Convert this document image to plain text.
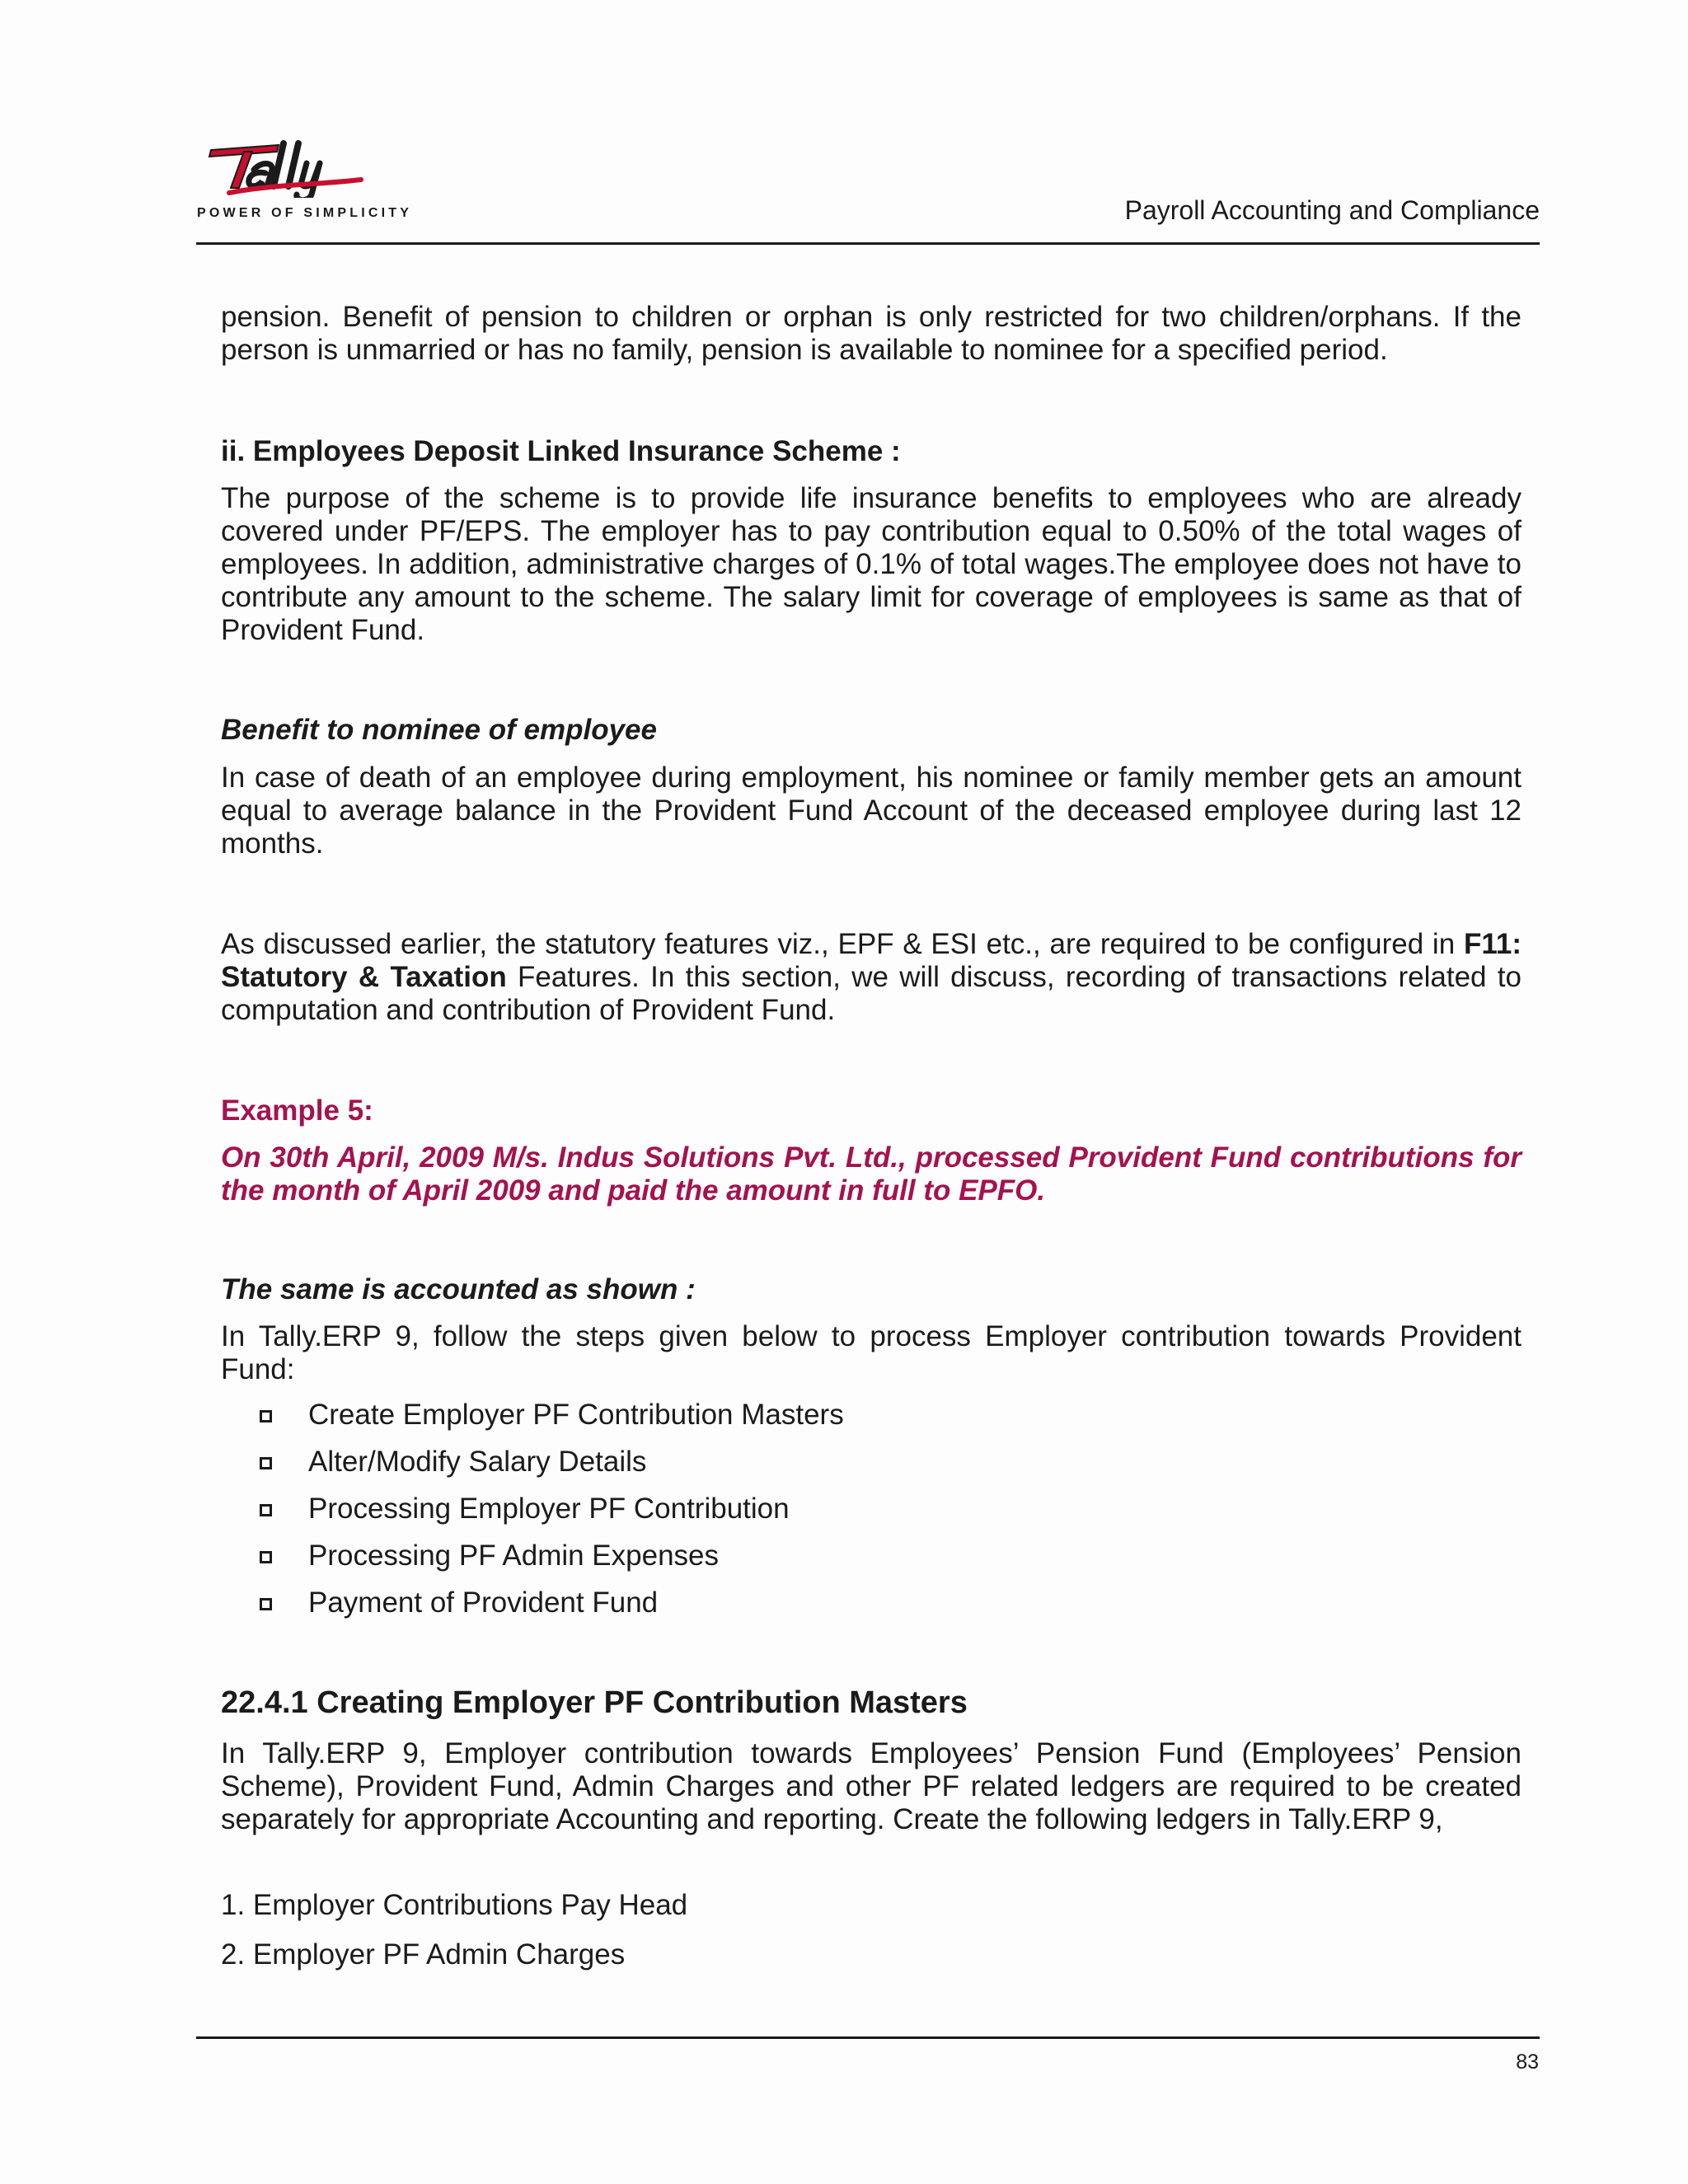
POWER OF SIMPLICITY	Payroll Accounting and Compliance

pension. Benefit of pension to children or orphan is only restricted for two children/orphans. If the person is unmarried or has no family, pension is available to nominee for a specified period.

ii. Employees Deposit Linked Insurance Scheme :

The purpose of the scheme is to provide life insurance benefits to employees who are already covered under PF/EPS. The employer has to pay contribution equal to 0.50% of the total wages of employees. In addition, administrative charges of 0.1% of total wages.The employee does not have to contribute any amount to the scheme. The salary limit for coverage of employees is same as that of Provident Fund.

Benefit to nominee of employee

In case of death of an employee during employment, his nominee or family member gets an amount equal to average balance in the Provident Fund Account of the deceased employee during last 12 months.

As discussed earlier, the statutory features viz., EPF & ESI etc., are required to be configured in F11: Statutory & Taxation Features. In this section, we will discuss, recording of transactions related to computation and contribution of Provident Fund.

Example 5:

On 30th April, 2009 M/s. Indus Solutions Pvt. Ltd., processed Provident Fund contributions for the month of April 2009 and paid the amount in full to EPFO.

The same is accounted as shown :

In Tally.ERP 9, follow the steps given below to process Employer contribution towards Provident Fund:

Create Employer PF Contribution Masters
Alter/Modify Salary Details
Processing Employer PF Contribution
Processing PF Admin Expenses
Payment of Provident Fund
22.4.1 Creating Employer PF Contribution Masters

In Tally.ERP 9, Employer contribution towards Employees’ Pension Fund (Employees’ Pension Scheme), Provident Fund, Admin Charges and other PF related ledgers are required to be created separately for appropriate Accounting and reporting. Create the following ledgers in Tally.ERP 9,

1. Employer Contributions Pay Head

2. Employer PF Admin Charges

83
